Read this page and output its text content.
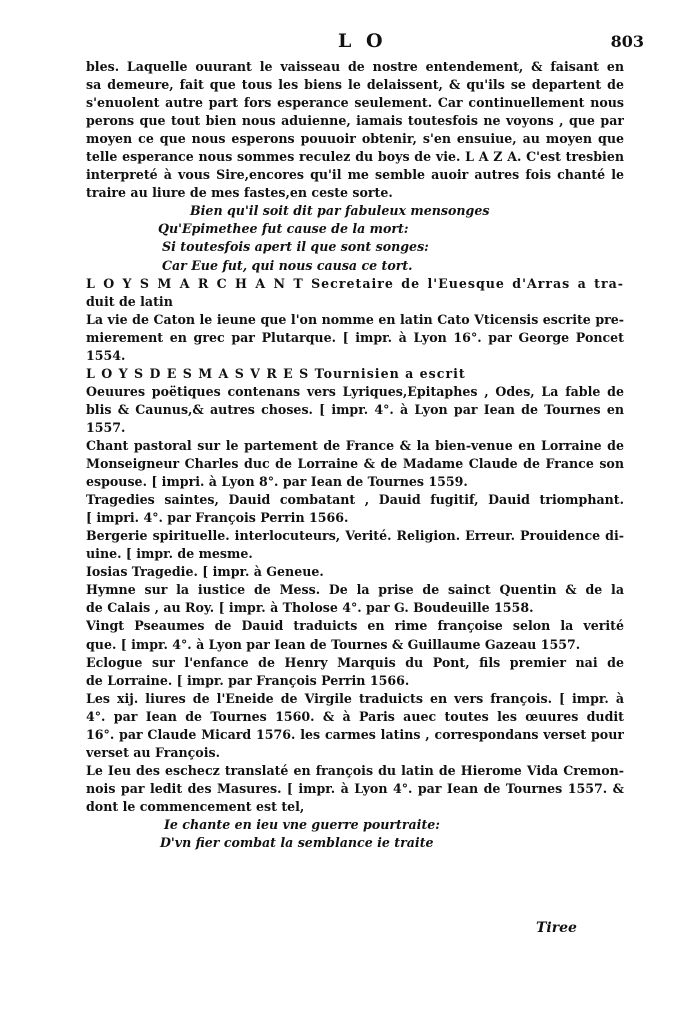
L O	803
bles. Laquelle ouurant le vaisseau de nostre entendement, & faisant en
sa demeure, fait que tous les biens le delaissent, & qu'ils se departent de
s'enuolent autre part fors esperance seulement. Car continuellement nous
perons que tout bien nous aduienne, iamais toutesfois ne voyons , que par
moyen ce que nous esperons pouuoir obtenir, s'en ensuiue, au moyen que
telle esperance nous sommes reculez du boys de vie. L A Z A. C'est tresbien
interpreté à vous Sire,encores qu'il me semble auoir autres fois chanté le
traire au liure de mes fastes,en ceste sorte.
Bien qu'il soit dit par fabuleux mensonges
Qu'Epimethee fut cause de la mort:
Si toutesfois apert il que sont songes:
Car Eue fut, qui nous causa ce tort.
L O Y S M A R C H A N T Secretaire de l'Euesque d'Arras a tra-
duit de latin
La vie de Caton le ieune que l'on nomme en latin Cato Vticensis escrite pre-
mierement en grec par Plutarque. [ impr. à Lyon 16°. par George Poncet
1554.
L O Y S D E S M A S V R E S Tournisien a escrit
Oeuures poëtiques contenans vers Lyriques,Epitaphes , Odes, La fable de
blis & Caunus,& autres choses. [ impr. 4°. à Lyon par Iean de Tournes en
1557.
Chant pastoral sur le partement de France & la bien-venue en Lorraine de
Monseigneur Charles duc de Lorraine & de Madame Claude de France son
espouse. [ impri. à Lyon 8°. par Iean de Tournes 1559.
Tragedies saintes, Dauid combatant , Dauid fugitif, Dauid triomphant.
[ impri. 4°. par François Perrin 1566.
Bergerie spirituelle. interlocuteurs, Verité. Religion. Erreur. Prouidence di-
uine. [ impr. de mesme.
Iosias Tragedie. [ impr. à Geneue.
Hymne sur la iustice de Mess. De la prise de sainct Quentin & de la
de Calais , au Roy. [ impr. à Tholose 4°. par G. Boudeuille 1558.
Vingt Pseaumes de Dauid traduicts en rime françoise selon la verité
que. [ impr. 4°. à Lyon par Iean de Tournes & Guillaume Gazeau 1557.
Eclogue sur l'enfance de Henry Marquis du Pont, fils premier nai de
de Lorraine. [ impr. par François Perrin 1566.
Les xij. liures de l'Eneide de Virgile traduicts en vers françois. [ impr. à
4°. par Iean de Tournes 1560. & à Paris auec toutes les œuures dudit
16°. par Claude Micard 1576. les carmes latins , correspondans verset pour
verset au François.
Le Ieu des eschecz translaté en françois du latin de Hierome Vida Cremon-
nois par ledit des Masures. [ impr. à Lyon 4°. par Iean de Tournes 1557. &
dont le commencement est tel,
Ie chante en ieu vne guerre pourtraite:
D'vn fier combat la semblance ie traite
Tiree
